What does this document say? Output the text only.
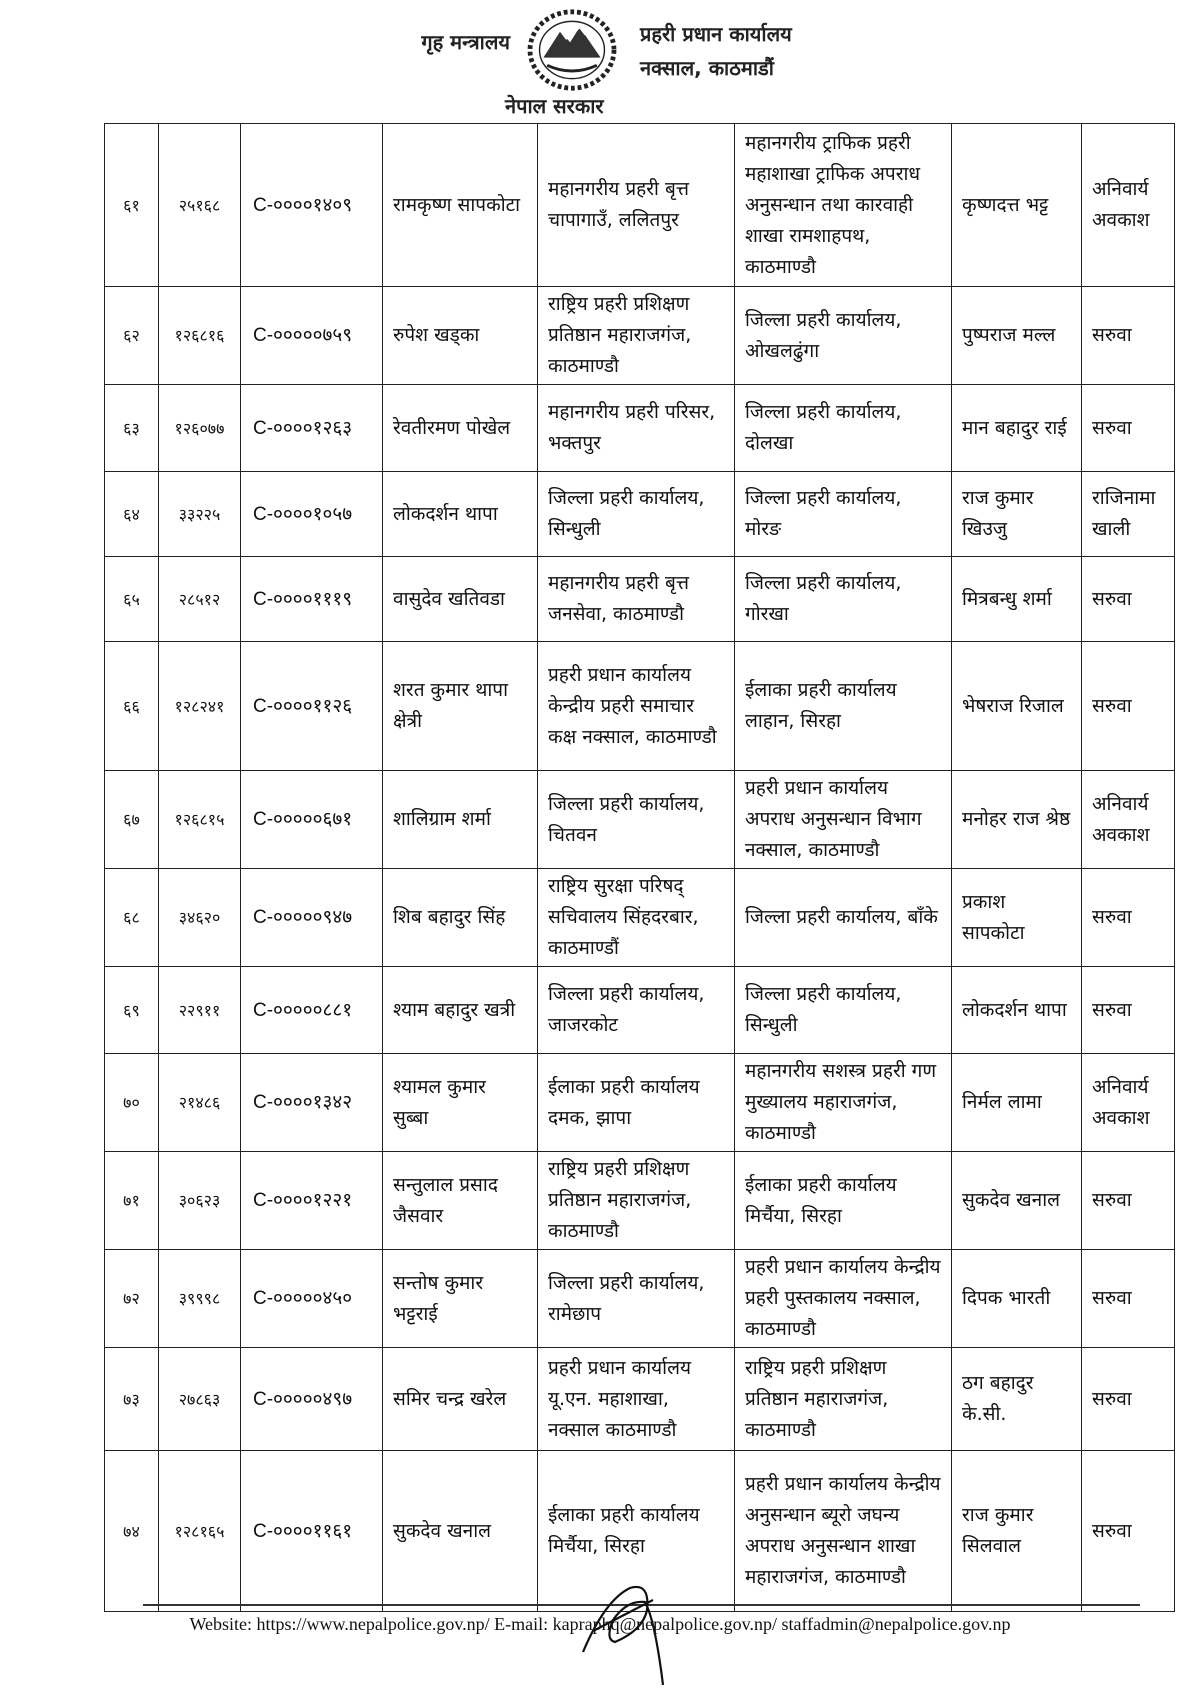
नेपाल सरकार
गृह मन्त्रालय	प्रहरी प्रधान कार्यालय
नक्साल, काठमाडौं
६१	२५१६८	C-००००१४०९	रामकृष्ण सापकोटा	महानगरीय प्रहरी बृत्त चापागाउँ, ललितपुर	महानगरीय ट्राफिक प्रहरी महाशाखा ट्राफिक अपराध अनुसन्धान तथा कारवाही शाखा रामशाहपथ, काठमाण्डौ	कृष्णदत्त भट्ट	अनिवार्य अवकाश
६२	१२६८१६	C-०००००७५९	रुपेश खड्का	राष्ट्रिय प्रहरी प्रशिक्षण प्रतिष्ठान महाराजगंज, काठमाण्डौ	जिल्ला प्रहरी कार्यालय, ओखलढुंगा	पुष्पराज मल्ल	सरुवा
६३	१२६०७७	C-००००१२६३	रेवतीरमण पोखेल	महानगरीय प्रहरी परिसर, भक्तपुर	जिल्ला प्रहरी कार्यालय, दोलखा	मान बहादुर राई	सरुवा
६४	३३२२५	C-००००१०५७	लोकदर्शन थापा	जिल्ला प्रहरी कार्यालय, सिन्धुली	जिल्ला प्रहरी कार्यालय, मोरङ	राज कुमार खिउजु	राजिनामा खाली
६५	२८५१२	C-००००१११९	वासुदेव खतिवडा	महानगरीय प्रहरी बृत्त जनसेवा, काठमाण्डौ	जिल्ला प्रहरी कार्यालय, गोरखा	मित्रबन्धु शर्मा	सरुवा
६६	१२८२४१	C-००००११२६	शरत कुमार थापा क्षेत्री	प्रहरी प्रधान कार्यालय केन्द्रीय प्रहरी समाचार कक्ष नक्साल, काठमाण्डौ	ईलाका प्रहरी कार्यालय लाहान, सिरहा	भेषराज रिजाल	सरुवा
६७	१२६८१५	C-०००००६७१	शालिग्राम शर्मा	जिल्ला प्रहरी कार्यालय, चितवन	प्रहरी प्रधान कार्यालय अपराध अनुसन्धान विभाग नक्साल, काठमाण्डौ	मनोहर राज श्रेष्ठ	अनिवार्य अवकाश
६८	३४६२०	C-०००००९४७	शिब बहादुर सिंह	राष्ट्रिय सुरक्षा परिषद् सचिवालय सिंहदरबार, काठमाण्डौं	जिल्ला प्रहरी कार्यालय, बाँके	प्रकाश सापकोटा	सरुवा
६९	२२९११	C-०००००८८१	श्याम बहादुर खत्री	जिल्ला प्रहरी कार्यालय, जाजरकोट	जिल्ला प्रहरी कार्यालय, सिन्धुली	लोकदर्शन थापा	सरुवा
७०	२१४८६	C-००००१३४२	श्यामल कुमार सुब्बा	ईलाका प्रहरी कार्यालय दमक, झापा	महानगरीय सशस्त्र प्रहरी गण मुख्यालय महाराजगंज, काठमाण्डौ	निर्मल लामा	अनिवार्य अवकाश
७१	३०६२३	C-००००१२२१	सन्तुलाल प्रसाद जैसवार	राष्ट्रिय प्रहरी प्रशिक्षण प्रतिष्ठान महाराजगंज, काठमाण्डौ	ईलाका प्रहरी कार्यालय मिर्चैया, सिरहा	सुकदेव खनाल	सरुवा
७२	३९९९८	C-०००००४५०	सन्तोष कुमार भट्टराई	जिल्ला प्रहरी कार्यालय, रामेछाप	प्रहरी प्रधान कार्यालय केन्द्रीय प्रहरी पुस्तकालय नक्साल, काठमाण्डौ	दिपक भारती	सरुवा
७३	२७८६३	C-०००००४९७	समिर चन्द्र खरेल	प्रहरी प्रधान कार्यालय यू.एन. महाशाखा, नक्साल काठमाण्डौ	राष्ट्रिय प्रहरी प्रशिक्षण प्रतिष्ठान महाराजगंज, काठमाण्डौ	ठग बहादुर के.सी.	सरुवा
७४	१२८१६५	C-००००११६१	सुकदेव खनाल	ईलाका प्रहरी कार्यालय मिर्चैया, सिरहा	प्रहरी प्रधान कार्यालय केन्द्रीय अनुसन्धान ब्यूरो जघन्य अपराध अनुसन्धान शाखा महाराजगंज, काठमाण्डौ	राज कुमार सिलवाल	सरुवा
Website: https://www.nepalpolice.gov.np/ E-mail: kapraphq@nepalpolice.gov.np/ staffadmin@nepalpolice.gov.np
